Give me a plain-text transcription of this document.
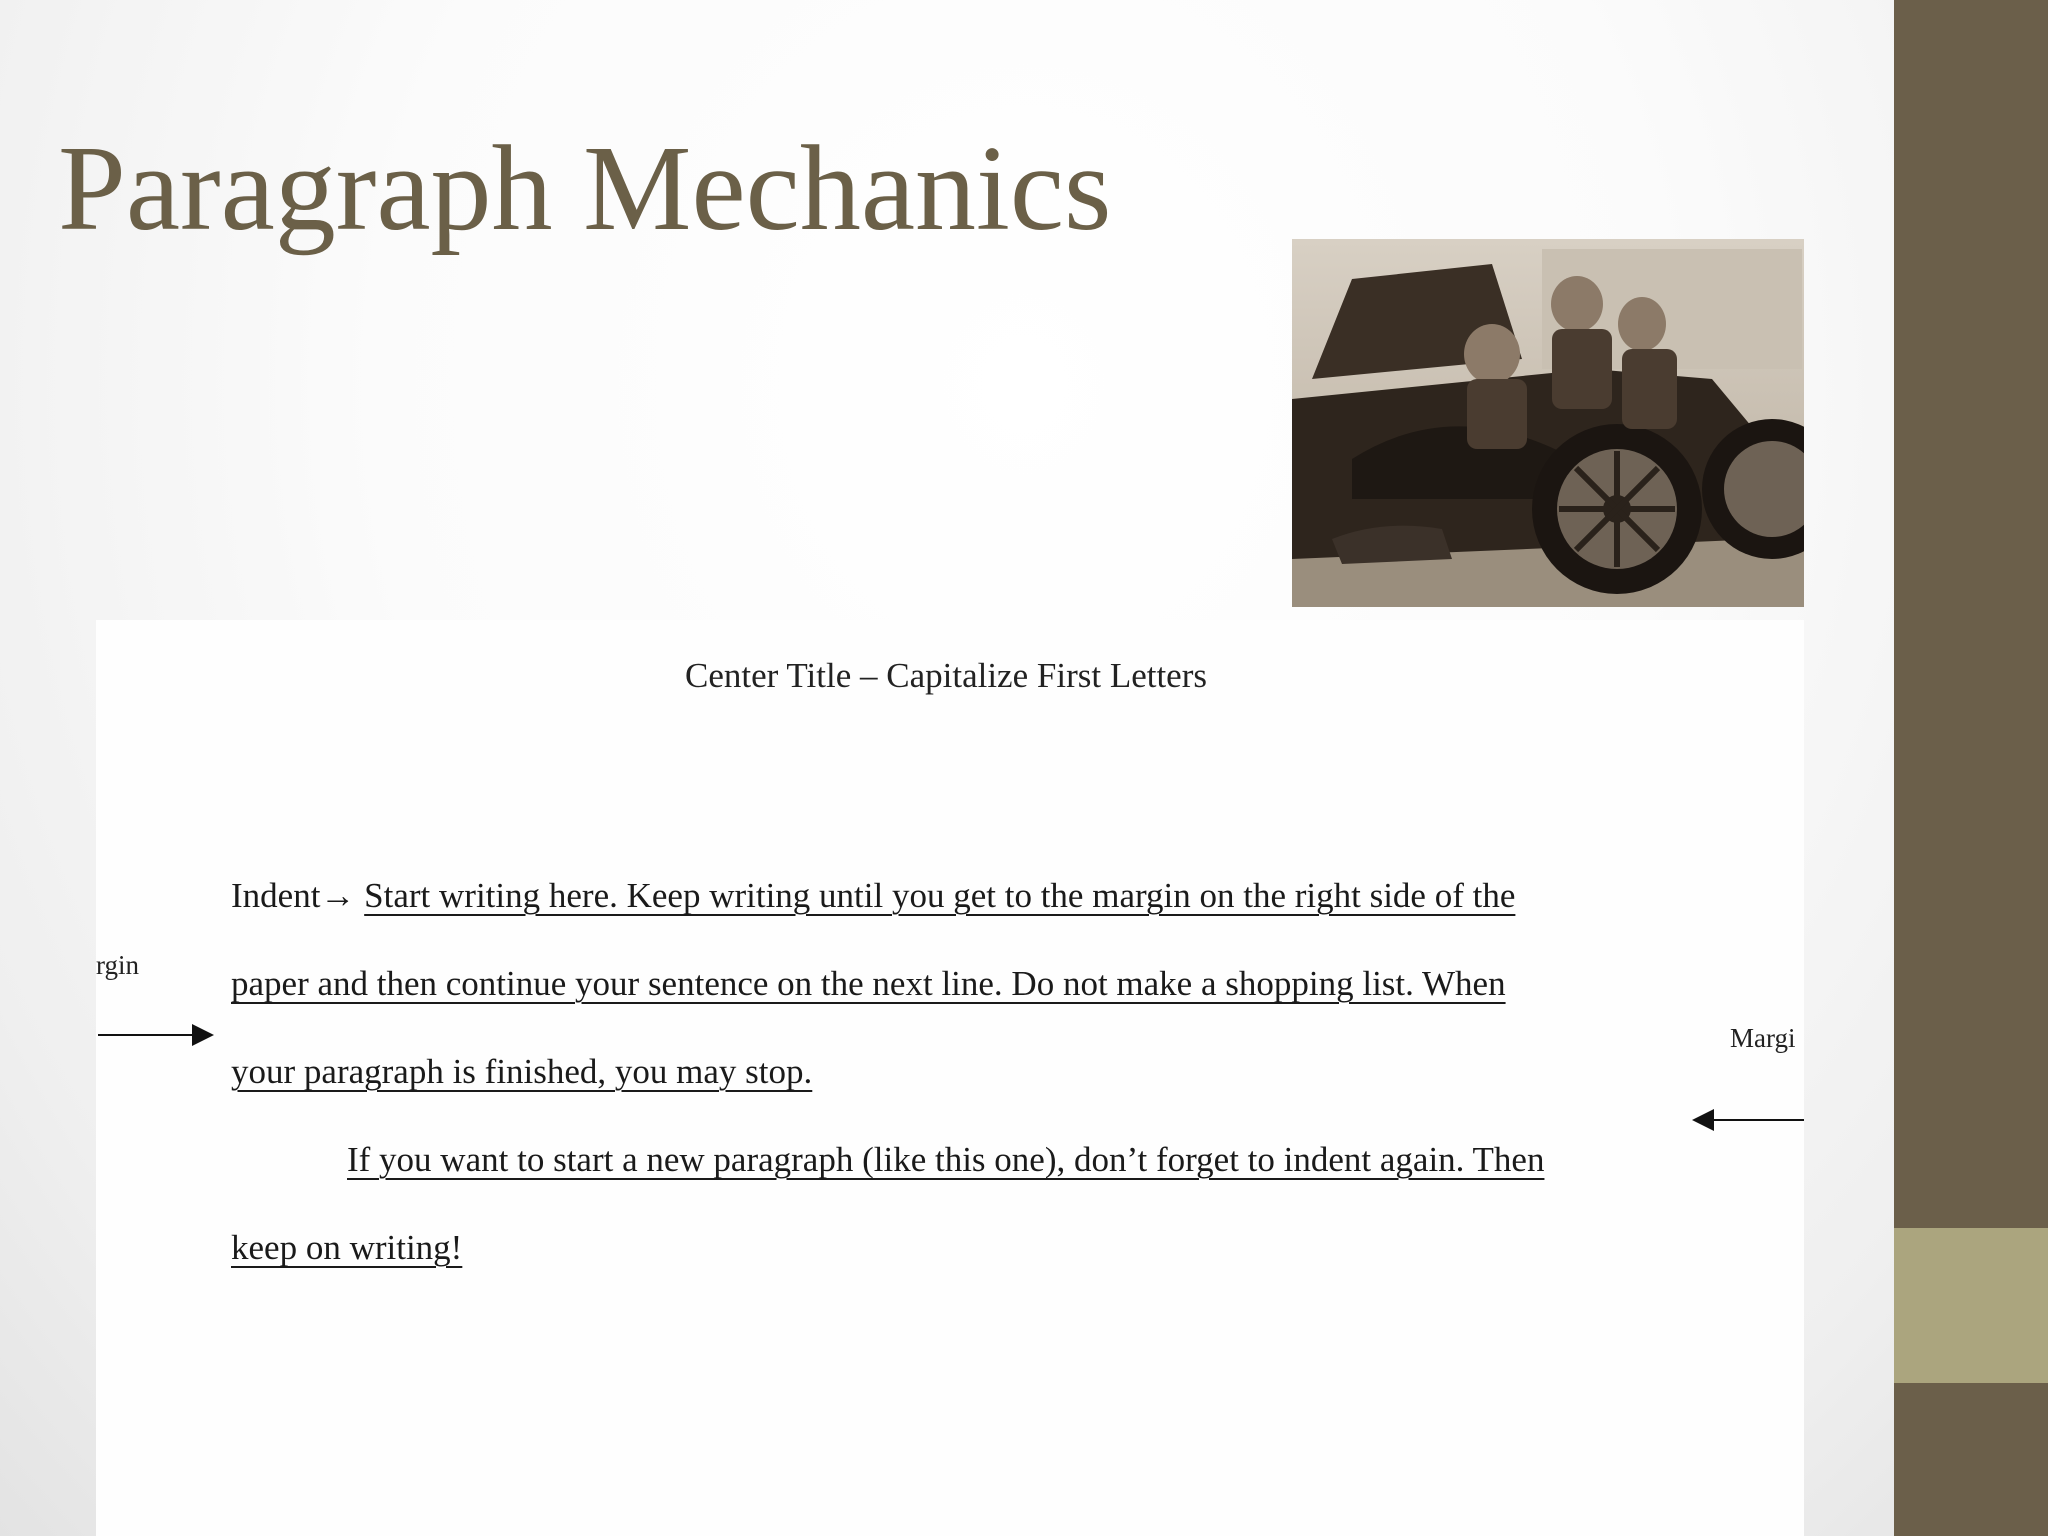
Paragraph Mechanics
Center Title – Capitalize First Letters
Indent→ Start writing here. Keep writing until you get to the margin on the right side of the
paper and then continue your sentence on the next line. Do not make a shopping list. When
your paragraph is finished, you may stop.
If you want to start a new paragraph (like this one), don’t forget to indent again. Then
keep on writing!
rgin
Margi
